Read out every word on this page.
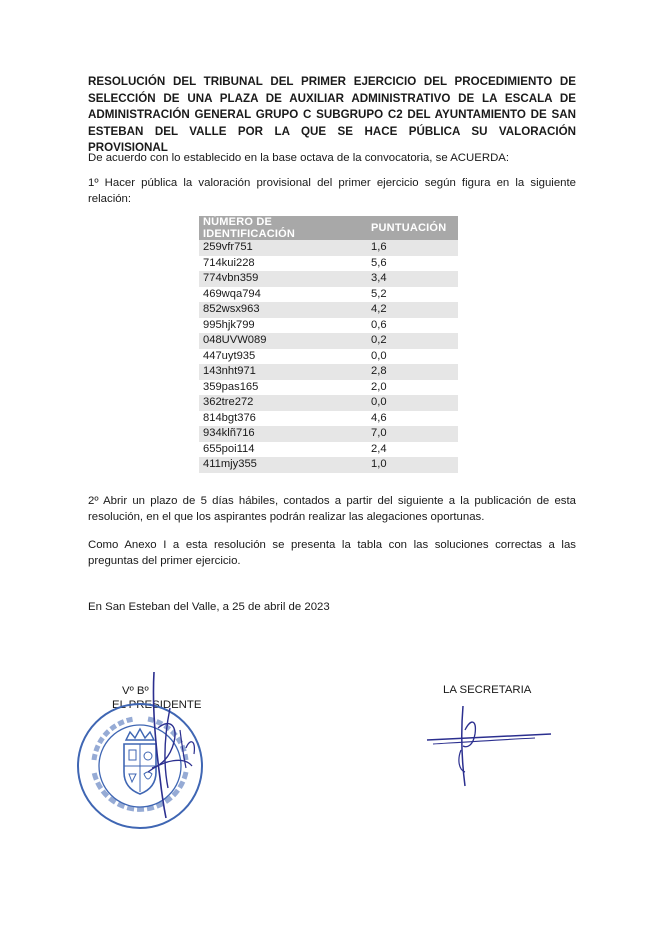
RESOLUCIÓN DEL TRIBUNAL DEL PRIMER EJERCICIO DEL PROCEDIMIENTO DE SELECCIÓN DE UNA PLAZA DE AUXILIAR ADMINISTRATIVO DE LA ESCALA DE ADMINISTRACIÓN GENERAL GRUPO C SUBGRUPO C2 DEL AYUNTAMIENTO DE SAN ESTEBAN DEL VALLE POR LA QUE SE HACE PÚBLICA SU VALORACIÓN PROVISIONAL
De acuerdo con lo establecido en la base octava de la convocatoria, se ACUERDA:
1º Hacer pública la valoración provisional del primer ejercicio según figura en la siguiente relación:
NÚMERO DE IDENTIFICACIÓN	PUNTUACIÓN
259vfr751	1,6
714kui228	5,6
774vbn359	3,4
469wqa794	5,2
852wsx963	4,2
995hjk799	0,6
048UVW089	0,2
447uyt935	0,0
143nht971	2,8
359pas165	2,0
362tre272	0,0
814bgt376	4,6
934klñ716	7,0
655poi114	2,4
411mjy355	1,0
2º Abrir un plazo de 5 días hábiles, contados a partir del siguiente a la publicación de esta resolución, en el que los aspirantes podrán realizar las alegaciones oportunas.
Como Anexo I a esta resolución se presenta la tabla con las soluciones correctas a las preguntas del primer ejercicio.
En San Esteban del Valle, a 25 de abril de 2023
Vº Bº
EL PRESIDENTE
LA SECRETARIA
